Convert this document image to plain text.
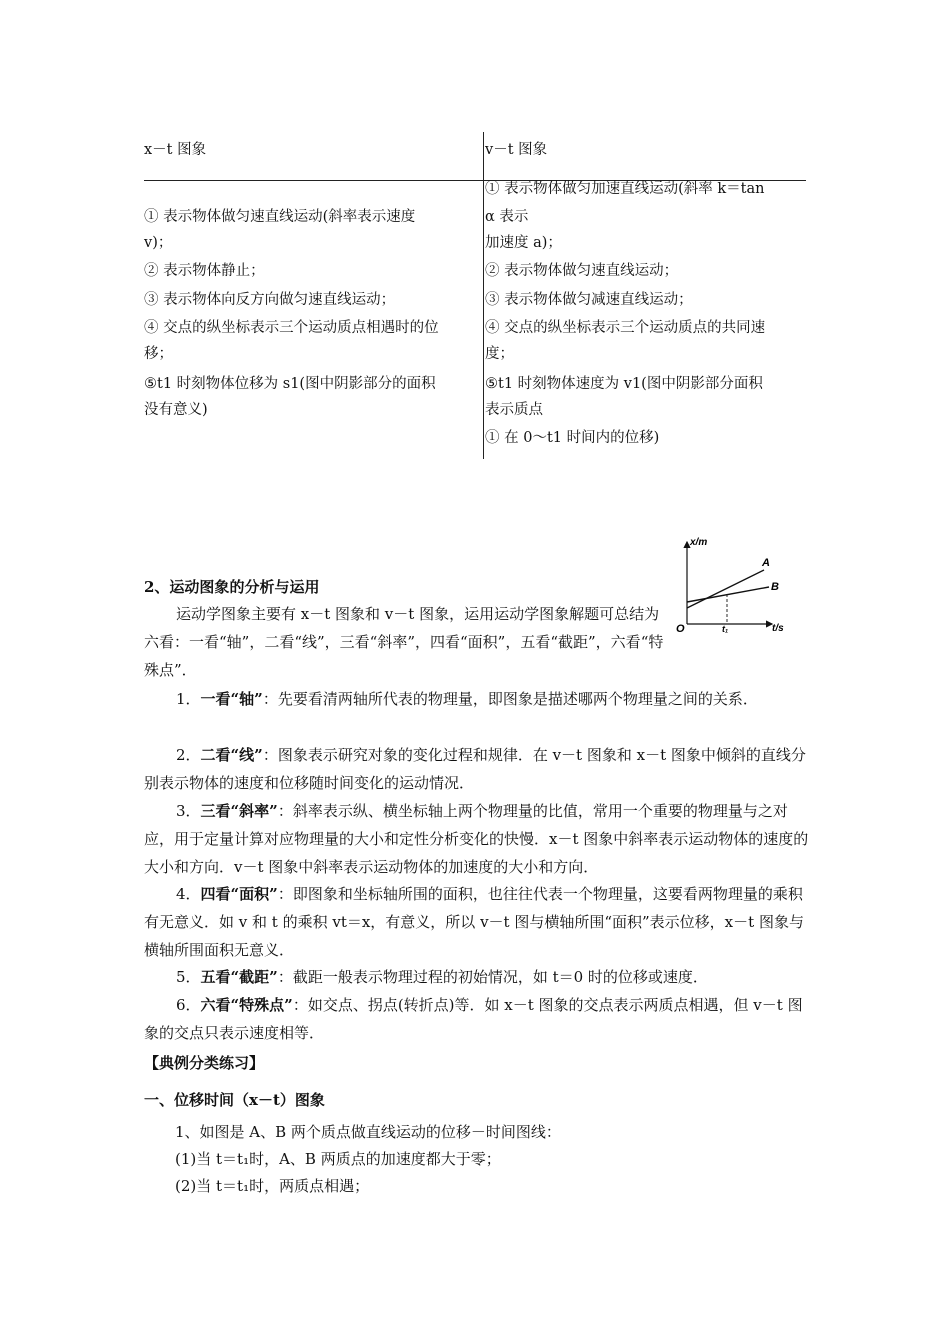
x－t 图象	v－t 图象
① 表示物体做匀速直线运动(斜率表示速度
v)；
② 表示物体静止；
③ 表示物体向反方向做匀速直线运动；
④ 交点的纵坐标表示三个运动质点相遇时的位
移；
⑤t1 时刻物体位移为 s1(图中阴影部分的面积
没有意义)
① 表示物体做匀加速直线运动(斜率 k＝tan
α 表示
加速度 a)；
② 表示物体做匀速直线运动；
③ 表示物体做匀减速直线运动；
④ 交点的纵坐标表示三个运动质点的共同速
度；
⑤t1 时刻物体速度为 v1(图中阴影部分面积
表示质点
① 在 0～t1 时间内的位移)
x/m
t/s
O
A
B
t₁
2、运动图象的分析与运用
运动学图象主要有 x－t 图象和 v－t 图象，运用运动学图象解题可总结为六看：一看“轴”，二看“线”，三看“斜率”，四看“面积”，五看“截距”，六看“特殊点”．
1．一看“轴”：先要看清两轴所代表的物理量，即图象是描述哪两个物理量之间的关系．
2．二看“线”：图象表示研究对象的变化过程和规律．在 v－t 图象和 x－t 图象中倾斜的直线分别表示物体的速度和位移随时间变化的运动情况．
3．三看“斜率”：斜率表示纵、横坐标轴上两个物理量的比值，常用一个重要的物理量与之对应，用于定量计算对应物理量的大小和定性分析变化的快慢．x－t 图象中斜率表示运动物体的速度的大小和方向．v－t 图象中斜率表示运动物体的加速度的大小和方向．
4．四看“面积”：即图象和坐标轴所围的面积，也往往代表一个物理量，这要看两物理量的乘积有无意义．如 v 和 t 的乘积 vt＝x，有意义，所以 v－t 图与横轴所围“面积”表示位移，x－t 图象与横轴所围面积无意义．
5．五看“截距”：截距一般表示物理过程的初始情况，如 t＝0 时的位移或速度．
6．六看“特殊点”：如交点、拐点(转折点)等．如 x－t 图象的交点表示两质点相遇，但 v－t 图象的交点只表示速度相等．
【典例分类练习】
一、位移时间（x－t）图象
1、如图是 A、B 两个质点做直线运动的位移－时间图线：
(1)当 t＝t₁时，A、B 两质点的加速度都大于零；
(2)当 t＝t₁时，两质点相遇；
